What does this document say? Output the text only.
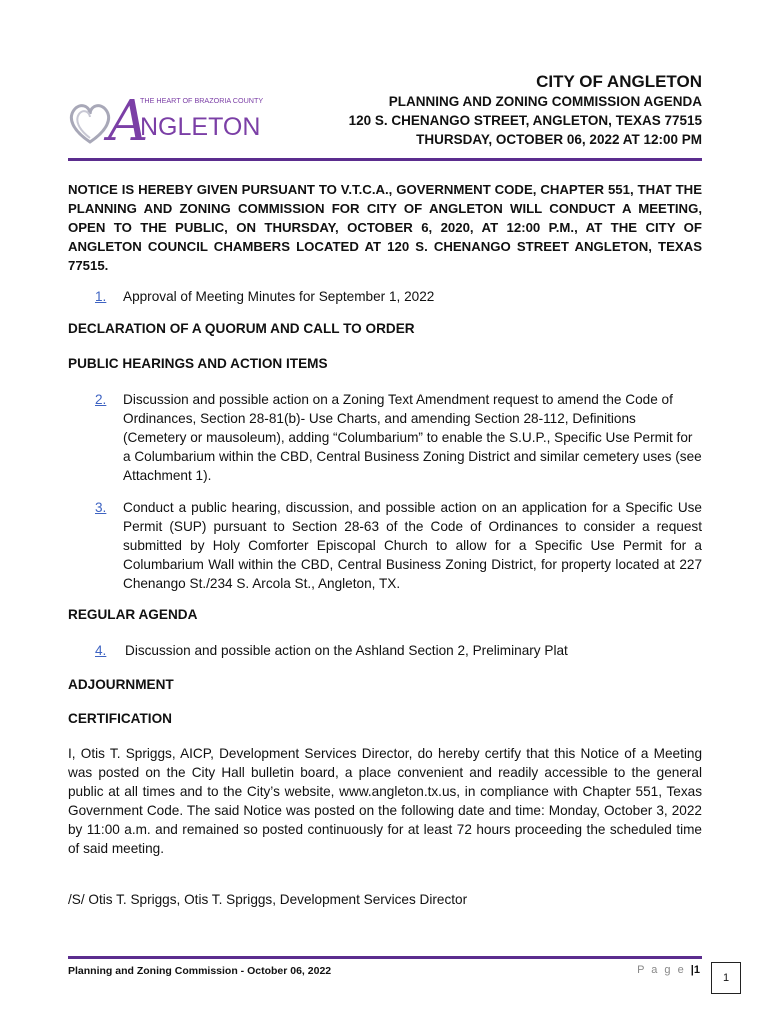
A
THE HEART OF BRAZORIA COUNTY
NGLETON
CITY OF ANGLETON
PLANNING AND ZONING COMMISSION AGENDA
120 S. CHENANGO STREET, ANGLETON, TEXAS 77515
THURSDAY, OCTOBER 06, 2022 AT 12:00 PM
NOTICE IS HEREBY GIVEN PURSUANT TO V.T.C.A., GOVERNMENT CODE, CHAPTER 551, THAT THE PLANNING AND ZONING COMMISSION FOR CITY OF ANGLETON WILL CONDUCT A MEETING, OPEN TO THE PUBLIC, ON THURSDAY, OCTOBER 6, 2020, AT 12:00 P.M., AT THE CITY OF ANGLETON COUNCIL CHAMBERS LOCATED AT 120 S. CHENANGO STREET ANGLETON, TEXAS 77515.
1. Approval of Meeting Minutes for September 1, 2022
DECLARATION OF A QUORUM AND CALL TO ORDER
PUBLIC HEARINGS AND ACTION ITEMS
2. Discussion and possible action on a Zoning Text Amendment request to amend the Code of Ordinances, Section 28-81(b)- Use Charts, and amending Section 28-112, Definitions (Cemetery or mausoleum), adding “Columbarium” to enable the S.U.P., Specific Use Permit for a Columbarium within the CBD, Central Business Zoning District and similar cemetery uses (see Attachment 1).
3. Conduct a public hearing, discussion, and possible action on an application for a Specific Use Permit (SUP) pursuant to Section 28-63 of the Code of Ordinances to consider a request submitted by Holy Comforter Episcopal Church to allow for a Specific Use Permit for a Columbarium Wall within the CBD, Central Business Zoning District, for property located at 227 Chenango St./234 S. Arcola St., Angleton, TX.
REGULAR AGENDA
4. Discussion and possible action on the Ashland Section 2, Preliminary Plat
ADJOURNMENT
CERTIFICATION
I, Otis T. Spriggs, AICP, Development Services Director, do hereby certify that this Notice of a Meeting was posted on the City Hall bulletin board, a place convenient and readily accessible to the general public at all times and to the City’s website, www.angleton.tx.us, in compliance with Chapter 551, Texas Government Code. The said Notice was posted on the following date and time: Monday, October 3, 2022 by 11:00 a.m. and remained so posted continuously for at least 72 hours proceeding the scheduled time of said meeting.
/S/ Otis T. Spriggs, Otis T. Spriggs, Development Services Director
Planning and Zoning Commission - October 06, 2022	P a g e |1
1
